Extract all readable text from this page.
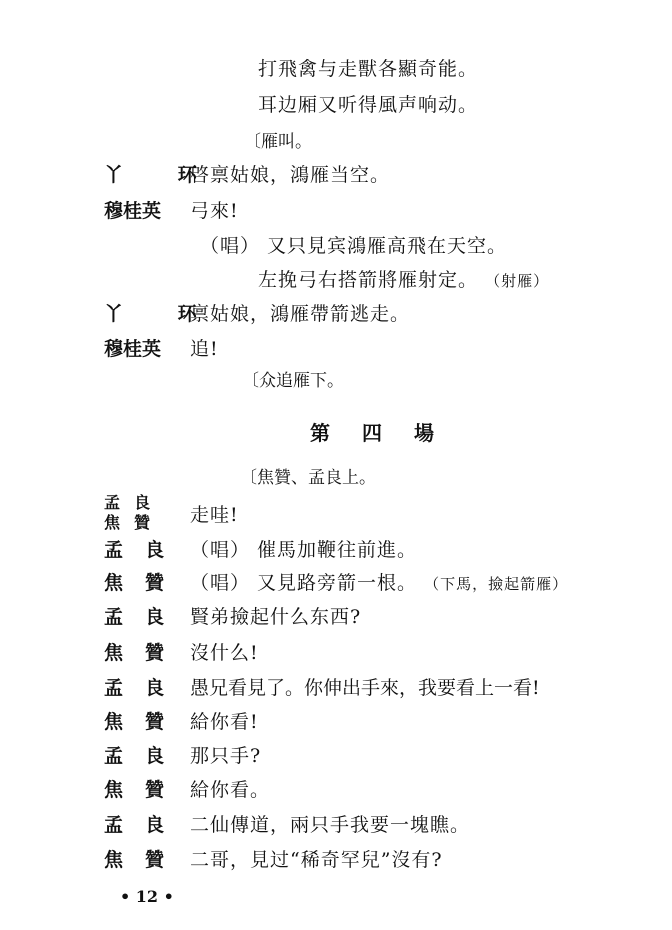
打飛禽与走獸各顯奇能。
耳边厢又听得風声响动。
〔雁叫。
丫 环
啓禀姑娘，鴻雁当空。
穆桂英 弓來!
（唱） 又只見宾鴻雁高飛在天空。
左挽弓右搭箭將雁射定。 （射雁）
丫 环
禀姑娘，鴻雁帶箭逃走。
穆桂英 追!
〔众追雁下。
第四場
〔焦贊、孟良上。
孟良
焦贊 走哇!
孟良 （唱） 催馬加鞭往前進。
焦贊 （唱） 又見路旁箭一根。 （下馬，撿起箭雁）
孟良 賢弟撿起什么东西?
焦贊 沒什么!
孟良 愚兄看見了。你伸出手來，我要看上一看!
焦贊 給你看!
孟良 那只手?
焦贊 給你看。
孟良 二仙傳道，兩只手我要一塊瞧。
焦贊 二哥，見过“稀奇罕兒”沒有?
• 12 •
